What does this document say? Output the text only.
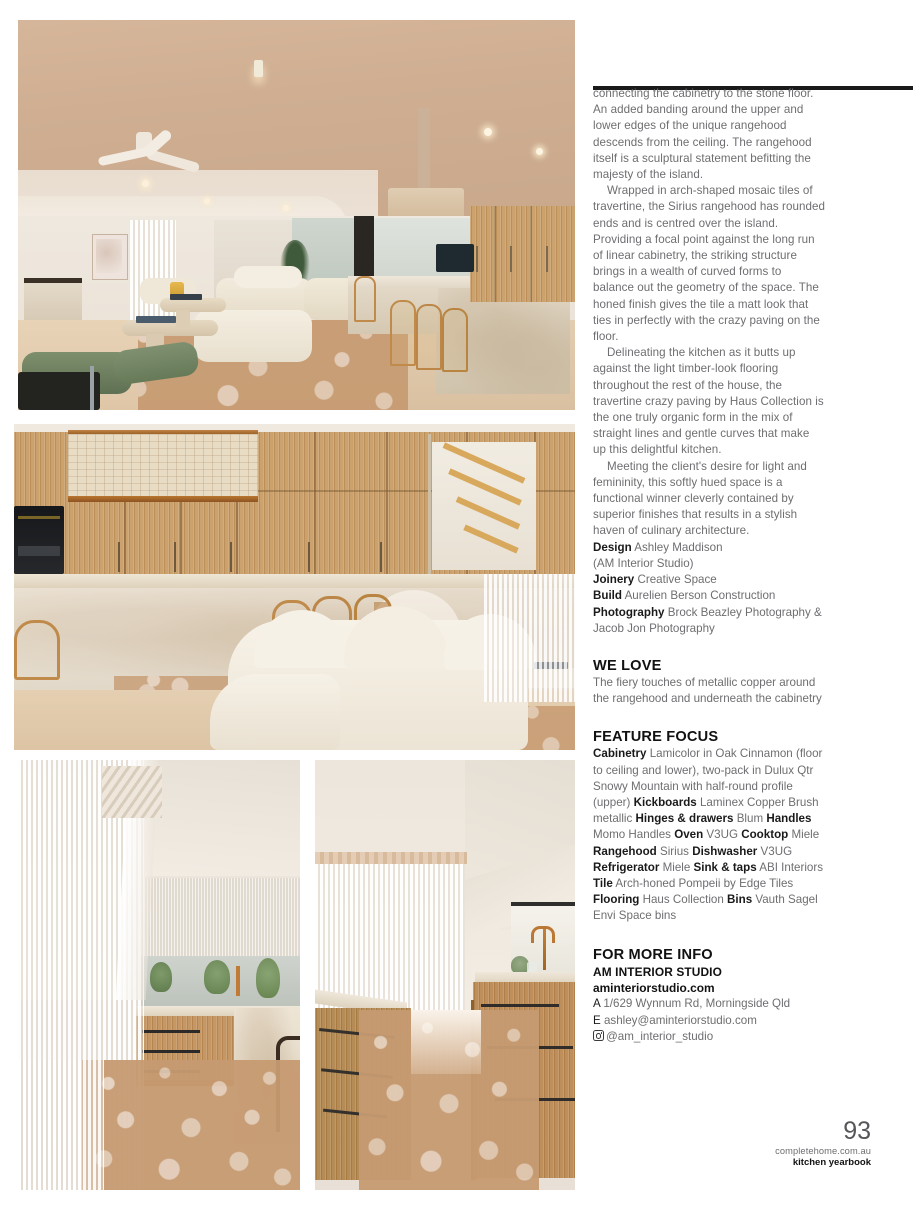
connecting the cabinetry to the stone floor. An added banding around the upper and lower edges of the unique rangehood descends from the ceiling. The rangehood itself is a sculptural statement befitting the majesty of the island.

Wrapped in arch-shaped mosaic tiles of travertine, the Sirius rangehood has rounded ends and is centred over the island. Providing a focal point against the long run of linear cabinetry, the striking structure brings in a wealth of curved forms to balance out the geometry of the space. The honed finish gives the tile a matt look that ties in perfectly with the crazy paving on the floor.

Delineating the kitchen as it butts up against the light timber-look flooring throughout the rest of the house, the travertine crazy paving by Haus Collection is the one truly organic form in the mix of straight lines and gentle curves that make up this delightful kitchen.

Meeting the client's desire for light and femininity, this softly hued space is a functional winner cleverly contained by superior finishes that results in a stylish haven of culinary architecture.

Design Ashley Maddison
(AM Interior Studio)
Joinery Creative Space
Build Aurelien Berson Construction
Photography Brock Beazley Photography & Jacob Jon Photography
WE LOVE

The fiery touches of metallic copper around the rangehood and underneath the cabinetry

FEATURE FOCUS

Cabinetry Lamicolor in Oak Cinnamon (floor to ceiling and lower), two-pack in Dulux Qtr Snowy Mountain with half-round profile (upper) Kickboards Laminex Copper Brush metallic Hinges & drawers Blum Handles Momo Handles Oven V3UG Cooktop Miele Rangehood Sirius Dishwasher V3UG Refrigerator Miele Sink & taps ABI Interiors Tile Arch-honed Pompeii by Edge Tiles Flooring Haus Collection Bins Vauth Sagel Envi Space bins

FOR MORE INFO
AM INTERIOR STUDIO
aminteriorstudio.com
A 1/629 Wynnum Rd, Morningside Qld
E ashley@aminteriorstudio.com
@am_interior_studio
93
completehome.com.au
kitchen yearbook
